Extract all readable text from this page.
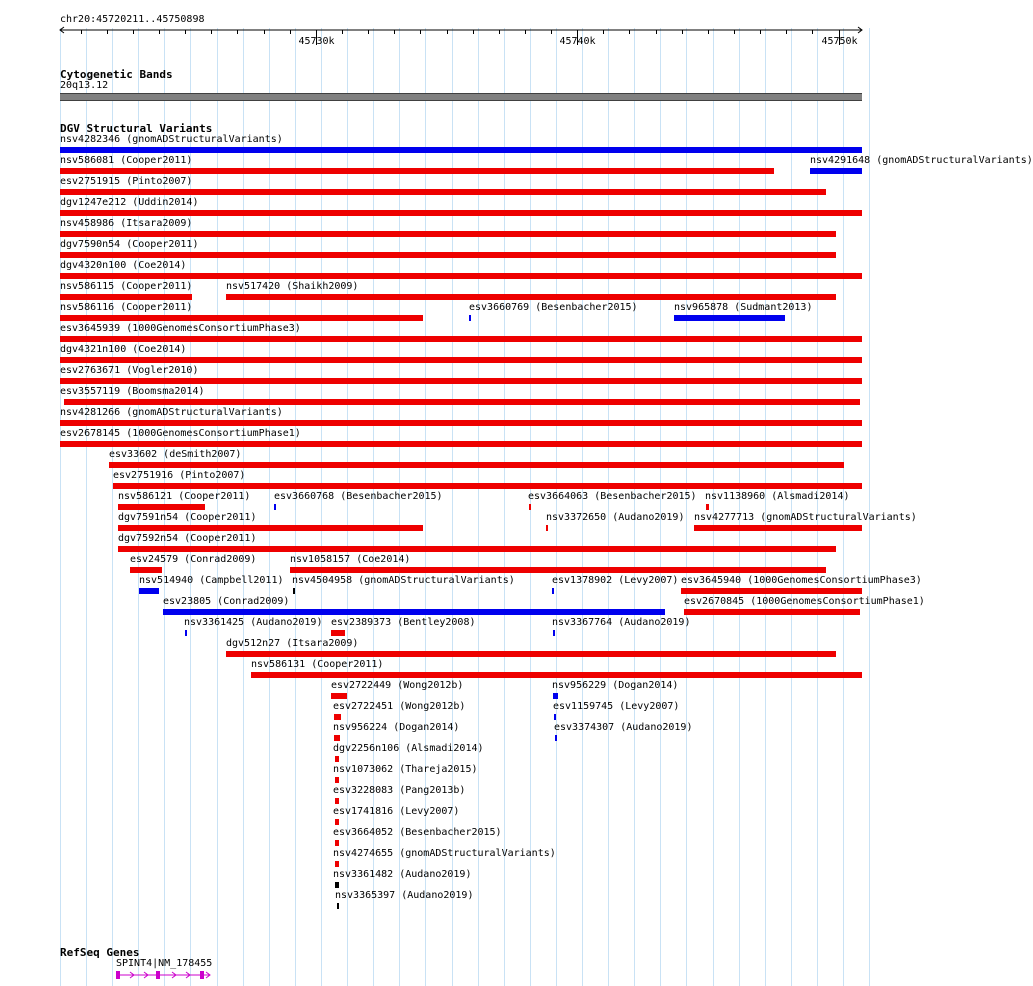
chr20:45720211..45750898
45730k	45740k	45750k
Cytogenetic Bands
20q13.12
DGV Structural Variants
nsv4282346 (gnomADStructuralVariants)
nsv586081 (Cooper2011)	nsv4291648 (gnomADStructuralVariants)
esv2751915 (Pinto2007)
dgv1247e212 (Uddin2014)
nsv458986 (Itsara2009)
dgv7590n54 (Cooper2011)
dgv4320n100 (Coe2014)
nsv586115 (Cooper2011)	nsv517420 (Shaikh2009)
nsv586116 (Cooper2011)	esv3660769 (Besenbacher2015)	nsv965878 (Sudmant2013)
esv3645939 (1000GenomesConsortiumPhase3)
dgv4321n100 (Coe2014)
esv2763671 (Vogler2010)
esv3557119 (Boomsma2014)
nsv4281266 (gnomADStructuralVariants)
esv2678145 (1000GenomesConsortiumPhase1)
esv33602 (deSmith2007)
esv2751916 (Pinto2007)
nsv586121 (Cooper2011) esv3660768 (Besenbacher2015)	esv3664063 (Besenbacher2015) nsv1138960 (Alsmadi2014)
dgv7591n54 (Cooper2011)	nsv3372650 (Audano2019) nsv4277713 (gnomADStructuralVariants)
dgv7592n54 (Cooper2011)
esv24579 (Conrad2009)	nsv1058157 (Coe2014)
nsv514940 (Campbell2011) nsv4504958 (gnomADStructuralVariants)	esv1378902 (Levy2007) esv3645940 (1000GenomesConsortiumPhase3)
esv23805 (Conrad2009)	esv2670845 (1000GenomesConsortiumPhase1)
nsv3361425 (Audano2019) esv2389373 (Bentley2008)	nsv3367764 (Audano2019)
dgv512n27 (Itsara2009)
nsv586131 (Cooper2011)
esv2722449 (Wong2012b)	nsv956229 (Dogan2014)
esv2722451 (Wong2012b)	esv1159745 (Levy2007)
nsv956224 (Dogan2014)	esv3374307 (Audano2019)
dgv2256n106 (Alsmadi2014)
nsv1073062 (Thareja2015)
esv3228083 (Pang2013b)
esv1741816 (Levy2007)
esv3664052 (Besenbacher2015)
nsv4274655 (gnomADStructuralVariants)
nsv3361482 (Audano2019)
nsv3365397 (Audano2019)
RefSeq Genes
SPINT4|NM_178455
